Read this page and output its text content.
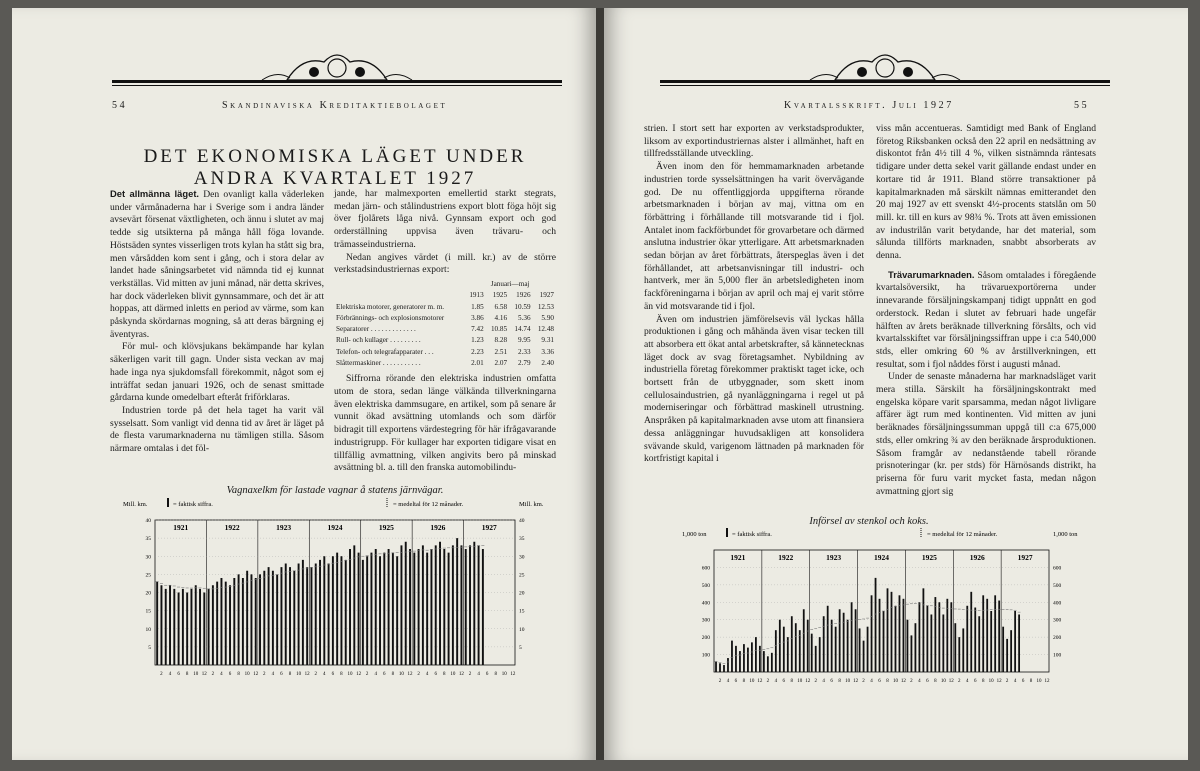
54	Skandinaviska Kreditaktiebolaget
DET EKONOMISKA LÄGET UNDER ANDRA KVARTALET 1927

Det allmänna läget. Den ovanligt kalla väderleken under vårmånaderna har i Sverige som i andra länder avsevärt försenat växtligheten, och ännu i slutet av maj tedde sig utsikterna på många håll föga lovande. Höstsäden syntes visserligen trots kylan ha stått sig bra, men vårsådden kom sent i gång, och i stora delar av landet hade såningsarbetet vid nämnda tid ej kunnat verkställas. Vid mitten av juni månad, när detta skrives, har dock väderleken blivit gynnsammare, och det är att hoppas, att därmed inletts en period av värme, som kan påskynda skördarnas mogning, så att deras bärgning ej äventyras.

För mul- och klövsjukans bekämpande har kylan säkerligen varit till gagn. Under sista veckan av maj hade inga nya sjukdomsfall förekommit, något som ej inträffat sedan januari 1926, och de senast smittade gårdarna kunde omedelbart efteråt friförklaras.

Industrien torde på det hela taget ha varit väl sysselsatt. Som vanligt vid denna tid av året är läget på de flesta varumarknaderna nu tämligen stilla. Såsom närmare omtalas i det föl-

jande, har malmexporten emellertid starkt stegrats, medan järn- och stålindustriens export blott föga höjt sig över fjolårets låga nivå. Gynnsam export och god orderställning uppvisa även trävaru- och trämasseindustrierna.

Nedan angives värdet (i mill. kr.) av de större verkstadsindustriernas export:

	Januari—maj			
	1913	1925	1926	1927
Elektriska motorer, generatorer m. m.	1.85	6.58	10.59	12.53
Förbrännings- och explosionsmotorer	3.86	4.16	5.36	5.90
Separatorer . . . . . . . . . . . . .	7.42	10.85	14.74	12.48
Rull- och kullager . . . . . . . . .	1.23	8.28	9.95	9.31
Telefon- och telegrafapparater . . .	2.23	2.51	2.33	3.36
Slåttermaskiner . . . . . . . . . . .	2.01	2.07	2.79	2.40

Siffrorna rörande den elektriska industrien omfatta utom de stora, sedan länge välkända tillverkningarna även elektriska dammsugare, en artikel, som på senare år vunnit ökad avsättning utomlands och som därför bidragit till exportens värdestegring för här ifrågavarande industrigrupp. För kullager har exporten tidigare visat en tillfällig avmattning, vilken angivits bero på minskad avsättning bl. a. till den franska automobilindu-

Vagnaxelkm för lastade vagnar å statens järnvägar.
Mill. km.	Mill. km.
= faktisk siffra.	= medeltal för 12 månader.
1921	1922	1923	1924	1925	1926	1927
5	5
10	10
15	15
20	20
25	25
30	30
35	35
40	40
2 4 6 8 10 12 2 4 6 8 10 12 2 4 6 8 10 12 2 4 6 8 10 12 2 4 6 8 10 12 2 4 6 8 10 12 2 4 6 8 10 12
Kvartalsskrift. Juli 1927	55

strien. I stort sett har exporten av verkstadsprodukter, liksom av exportindustriernas alster i allmänhet, haft en tillfredsställande utveckling.

Även inom den för hemmamarknaden arbetande industrien torde sysselsättningen ha varit övervägande god. De nu offentliggjorda uppgifterna rörande arbetsmarknaden i början av maj, vittna om en förbättring i förhållande till motsvarande tid i fjol. Antalet inom fackförbundet för grovarbetare och därmed anslutna industrier ökar ytterligare. Att arbetsmarknaden sedan början av året förbättrats, återspeglas även i det förhållandet, att arbetsanvisningar till industri- och hantverk, mer än 5,000 fler än arbetsledigheten inom fackföreningarna i början av april och maj ej varit större än vid motsvarande tid i fjol.

Även om industrien jämförelsevis väl lyckas hålla produktionen i gång och måhända även visar tecken till att absorbera ett ökat antal arbetskrafter, så kännetecknas läget dock av svag företagsamhet. Nybildning av industriella företag förekommer praktiskt taget icke, och bortsett från de utbyggnader, som skett inom cellulosaindustrien, gå nyanläggningarna i regel ut på moderniseringar och förbättrad maskinell utrustning. Anspråken på kapitalmarknaden avse utom att finansiera dessa anläggningar huvudsakligen att konsolidera svävande skuld, varigenom lättnaden på marknaden för kortfristigt kapital i

viss mån accentueras. Samtidigt med Bank of England företog Riksbanken också den 22 april en nedsättning av diskontot från 4½ till 4 %, vilken sistnämnda räntesats tidigare under detta sekel varit gällande endast under en kortare tid år 1911. Bland större transaktioner på kapitalmarknaden må särskilt nämnas emitterandet den 20 maj 1927 av ett svenskt 4½-procents statslån om 50 mill. kr. till en kurs av 98¾ %. Trots att även emissionen av industrilån varit betydande, har det material, som sålunda tillförts marknaden, snabbt absorberats av denna.

Trävarumarknaden. Såsom omtalades i föregående kvartalsöversikt, ha trävaruexportörerna under innevarande försäljningskampanj tidigt uppnått en god orderstock. Redan i slutet av februari hade ungefär hälften av årets beräknade tillverkning försålts, och vid kvartalsskiftet var försäljningssiffran uppe i c:a 540,000 stds, eller omkring 60 % av årstillverkningen, ett resultat, som i fjol nåddes först i augusti månad.

Under de senaste månaderna har marknadsläget varit mera stilla. Särskilt ha försäljningskontrakt med engelska köpare varit sparsamma, medan något livligare affärer ägt rum med kontinenten. Vid mitten av juni beräknades försäljningssumman uppgå till c:a 675,000 stds, eller omkring ¾ av den beräknade årsproduktionen. Såsom framgår av nedanstående tabell rörande prisnoteringar (kr. per stds) för Härnösands distrikt, ha priserna för furu varit mycket fasta, medan någon avmattning gjort sig

Införsel av stenkol och koks.
1,000 ton	1,000 ton
= faktisk siffra.	= medeltal för 12 månader.
1921	1922	1923	1924	1925	1926	1927
100	100
200	200
300	300
400	400
500	500
600	600
2 4 6 8 10 12 2 4 6 8 10 12 2 4 6 8 10 12 2 4 6 8 10 12 2 4 6 8 10 12 2 4 6 8 10 12 2 4 6 8 10 12
